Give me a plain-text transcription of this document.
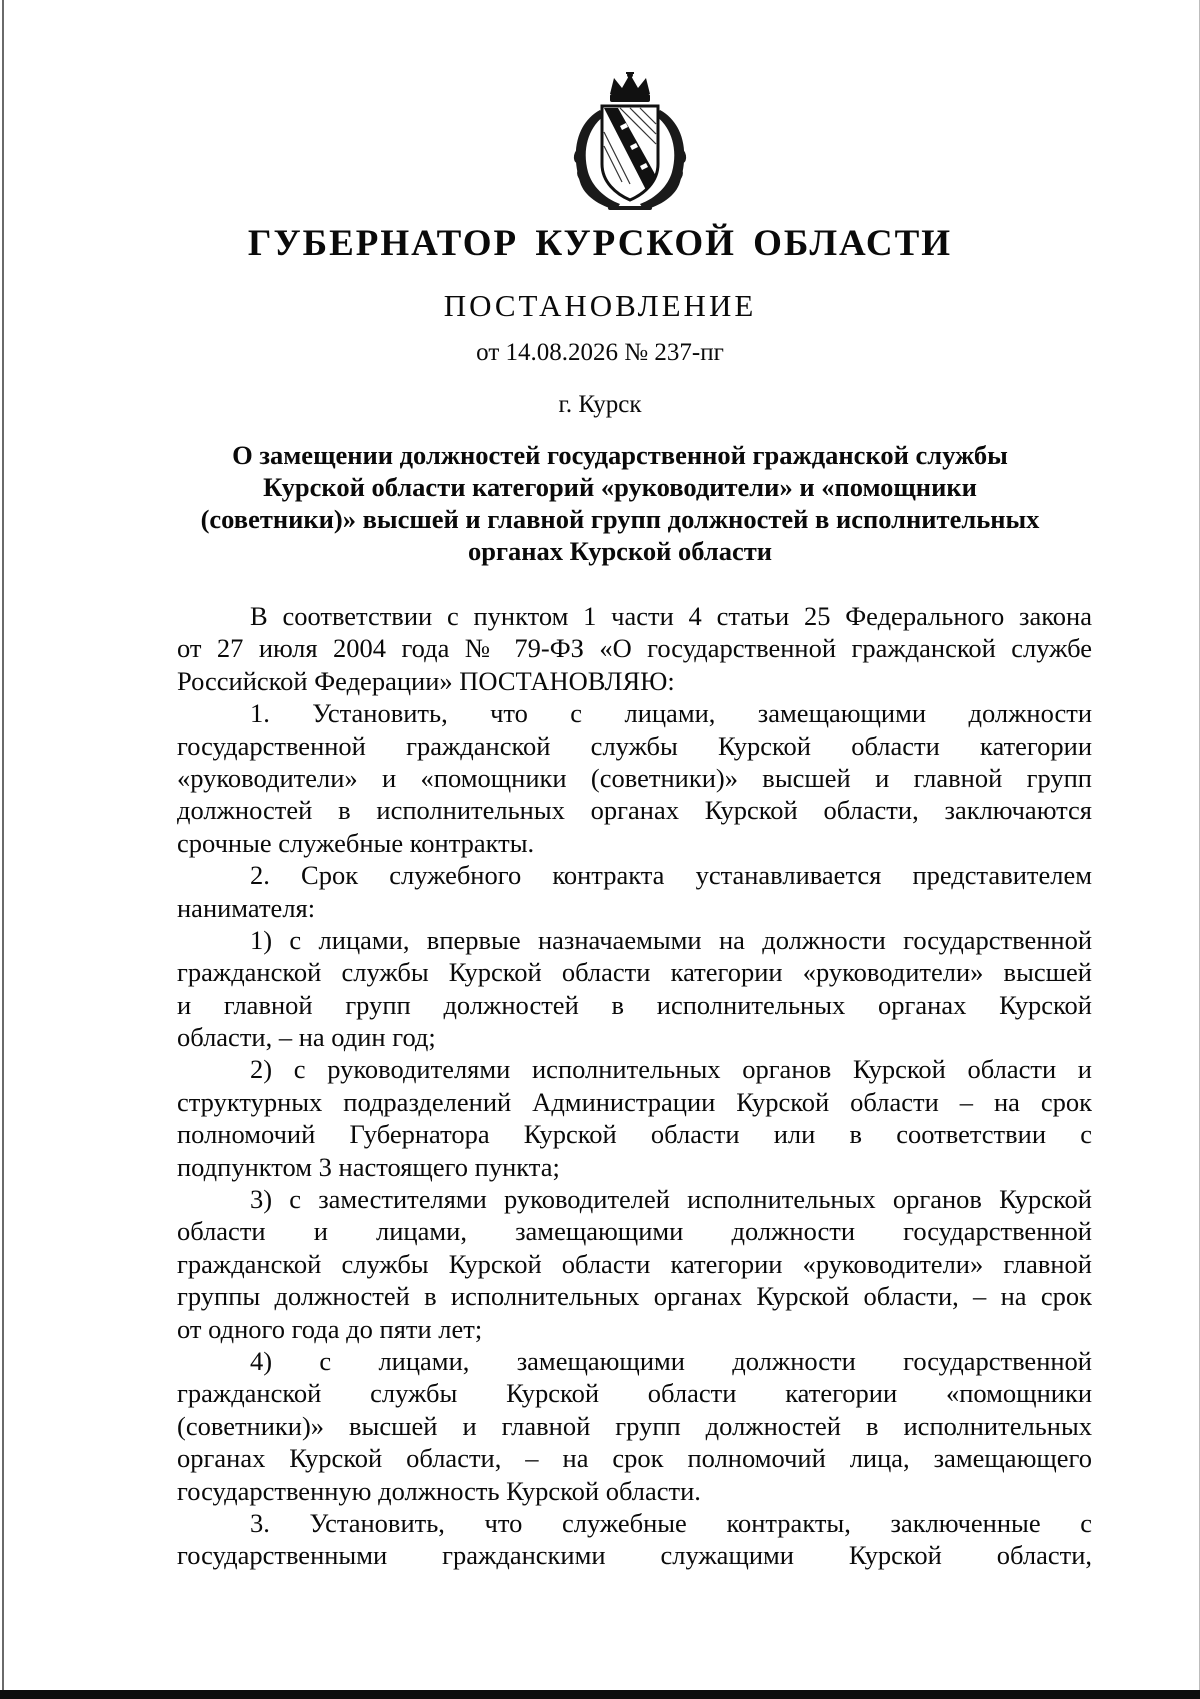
ГУБЕРНАТОР КУРСКОЙ ОБЛАСТИ
ПОСТАНОВЛЕНИЕ
от 14.08.2026 № 237-пг
г. Курск
О замещении должностей государственной гражданской службы
Курской области категорий «руководители» и «помощники
(советники)» высшей и главной групп должностей в исполнительных
органах Курской области
В соответствии с пунктом 1 части 4 статьи 25 Федерального закона
от 27 июля 2004 года № 79-ФЗ «О государственной гражданской службе
Российской Федерации» ПОСТАНОВЛЯЮ:
1. Установить, что с лицами, замещающими должности
государственной гражданской службы Курской области категории
«руководители» и «помощники (советники)» высшей и главной групп
должностей в исполнительных органах Курской области, заключаются
срочные служебные контракты.
2. Срок служебного контракта устанавливается представителем
нанимателя:
1) с лицами, впервые назначаемыми на должности государственной
гражданской службы Курской области категории «руководители» высшей
и главной групп должностей в исполнительных органах Курской
области, – на один год;
2) с руководителями исполнительных органов Курской области и
структурных подразделений Администрации Курской области – на срок
полномочий Губернатора Курской области или в соответствии с
подпунктом 3 настоящего пункта;
3) с заместителями руководителей исполнительных органов Курской
области и лицами, замещающими должности государственной
гражданской службы Курской области категории «руководители» главной
группы должностей в исполнительных органах Курской области, – на срок
от одного года до пяти лет;
4) с лицами, замещающими должности государственной
гражданской службы Курской области категории «помощники
(советники)» высшей и главной групп должностей в исполнительных
органах Курской области, – на срок полномочий лица, замещающего
государственную должность Курской области.
3. Установить, что служебные контракты, заключенные с
государственными гражданскими служащими Курской области,
